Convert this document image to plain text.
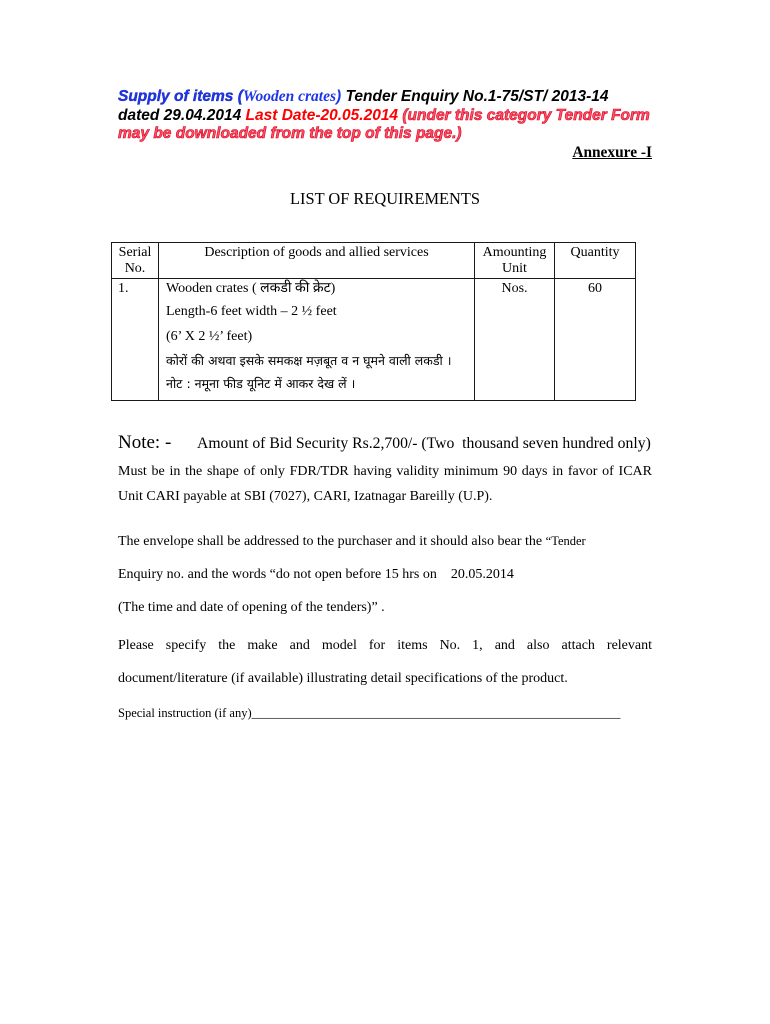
Supply of items (Wooden crates) Tender Enquiry No.1-75/ST/ 2013-14
dated 29.04.2014 Last Date-20.05.2014 (under this category Tender Form
may be downloaded from the top of this page.)
Annexure -I
LIST OF REQUIREMENTS
Serial
No.	Description of goods and allied services	Amounting
Unit	Quantity
1.	Wooden crates ( लकडी की क्रेट)
Length-6 feet width – 2 ½ feet
(6’ X 2 ½’ feet)
कोरों की अथवा इसके समकक्ष मज़बूत व न घूमने वाली लकडी ।
नोट : नमूना फीड यूनिट में आकर देख लें ।	Nos.	60
Note: - Amount of Bid Security Rs.2,700/- (Two  thousand seven hundred only)
Must be in the shape of only FDR/TDR having validity minimum 90 days in favor of ICAR
Unit CARI payable at SBI (7027), CARI, Izatnagar Bareilly (U.P).
The envelope shall be addressed to the purchaser and it should also bear the “Tender
Enquiry no. and the words “do not open before 15 hrs on    20.05.2014
(The time and date of opening of the tenders)” .
Please specify the make and model for items No. 1, and also attach relevant
document/literature (if available) illustrating detail specifications of the product.
Special instruction (if any)___________________________________________________________
